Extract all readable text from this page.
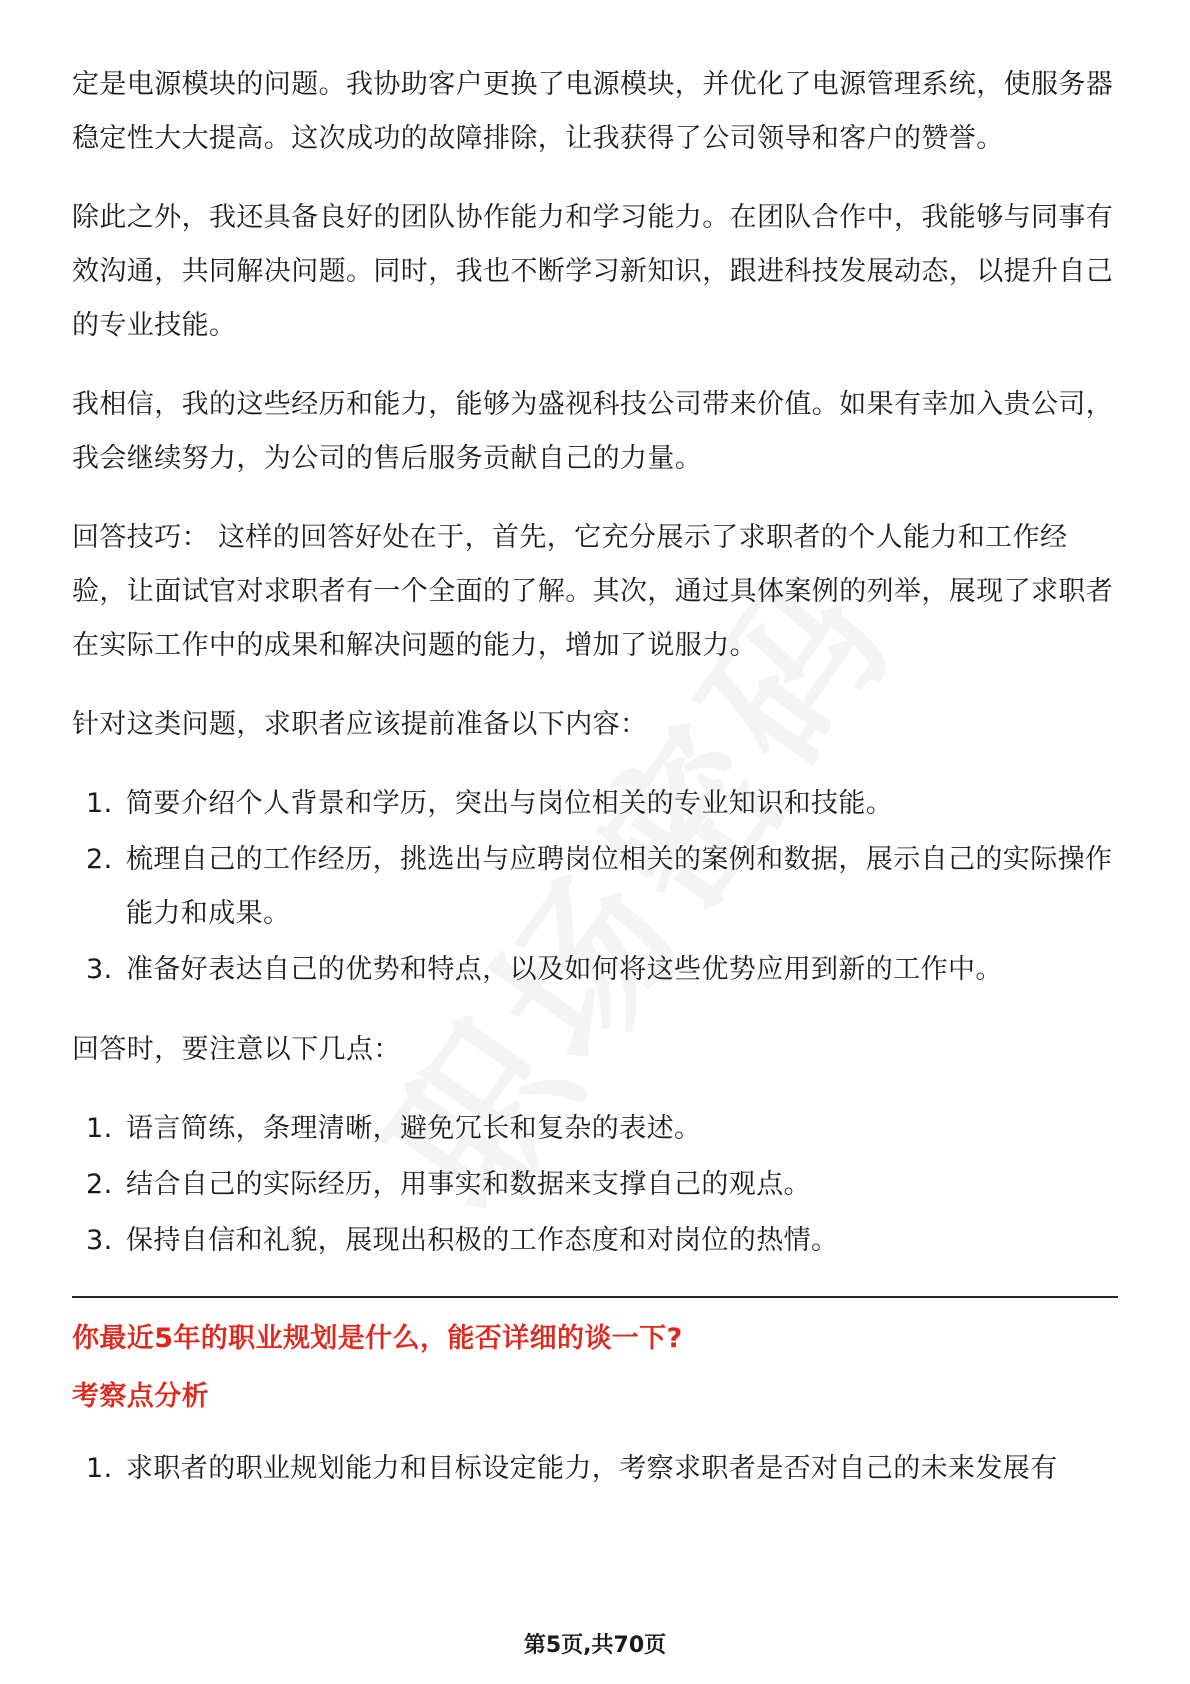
定是电源模块的问题。我协助客户更换了电源模块，并优化了电源管理系统，使服务器稳定性大大提高。这次成功的故障排除，让我获得了公司领导和客户的赞誉。

除此之外，我还具备良好的团队协作能力和学习能力。在团队合作中，我能够与同事有效沟通，共同解决问题。同时，我也不断学习新知识，跟进科技发展动态，以提升自己的专业技能。

我相信，我的这些经历和能力，能够为盛视科技公司带来价值。如果有幸加入贵公司，我会继续努力，为公司的售后服务贡献自己的力量。

回答技巧： 这样的回答好处在于，首先，它充分展示了求职者的个人能力和工作经验，让面试官对求职者有一个全面的了解。其次，通过具体案例的列举，展现了求职者在实际工作中的成果和解决问题的能力，增加了说服力。

针对这类问题，求职者应该提前准备以下内容：

1. 简要介绍个人背景和学历，突出与岗位相关的专业知识和技能。
2. 梳理自己的工作经历，挑选出与应聘岗位相关的案例和数据，展示自己的实际操作能力和成果。
3. 准备好表达自己的优势和特点，以及如何将这些优势应用到新的工作中。

回答时，要注意以下几点：

1. 语言简练，条理清晰，避免冗长和复杂的表述。
2. 结合自己的实际经历，用事实和数据来支撑自己的观点。
3. 保持自信和礼貌，展现出积极的工作态度和对岗位的热情。

你最近5年的职业规划是什么，能否详细的谈一下?

考察点分析

1. 求职者的职业规划能力和目标设定能力，考察求职者是否对自己的未来发展有
第5页,共70页
